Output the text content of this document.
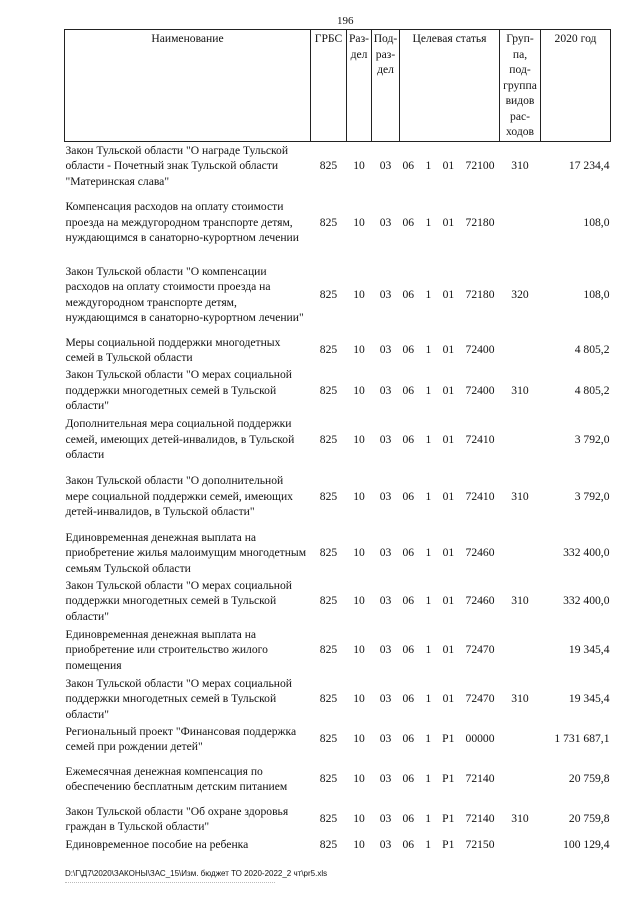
196
Наименование	ГРБС	Раз-дел	Под-раз-дел	Целевая статья	Груп-па, под-группа видов рас-ходов	2020 год
Закон Тульской области "О награде Тульской области - Почетный знак Тульской области "Материнская слава"	825	10	03	06 1 01 72100	310	17 234,4
Компенсация расходов на оплату стоимости проезда на междугородном транспорте детям, нуждающимся в санаторно-курортном лечении	825	10	03	06 1 01 72180		108,0
Закон Тульской области "О компенсации расходов на оплату стоимости проезда на междугородном транспорте детям, нуждающимся в санаторно-курортном лечении"	825	10	03	06 1 01 72180	320	108,0
Меры социальной поддержки многодетных семей в Тульской области	825	10	03	06 1 01 72400		4 805,2
Закон Тульской области "О мерах социальной поддержки многодетных семей в Тульской области"	825	10	03	06 1 01 72400	310	4 805,2
Дополнительная мера социальной поддержки семей, имеющих детей-инвалидов, в Тульской области	825	10	03	06 1 01 72410		3 792,0
Закон Тульской области "О дополнительной мере социальной поддержки семей, имеющих детей-инвалидов, в Тульской области"	825	10	03	06 1 01 72410	310	3 792,0
Единовременная денежная выплата на приобретение жилья малоимущим многодетным семьям Тульской области	825	10	03	06 1 01 72460		332 400,0
Закон Тульской области "О мерах социальной поддержки многодетных семей в Тульской области"	825	10	03	06 1 01 72460	310	332 400,0
Единовременная денежная выплата на приобретение или строительство жилого помещения	825	10	03	06 1 01 72470		19 345,4
Закон Тульской области "О мерах социальной поддержки многодетных семей в Тульской области"	825	10	03	06 1 01 72470	310	19 345,4
Региональный проект "Финансовая поддержка семей при рождении детей"	825	10	03	06 1 Р1 00000		1 731 687,1
Ежемесячная денежная компенсация по обеспечению бесплатным детским питанием	825	10	03	06 1 Р1 72140		20 759,8
Закон Тульской области "Об охране здоровья граждан в Тульской области"	825	10	03	06 1 Р1 72140	310	20 759,8
Единовременное пособие на ребенка	825	10	03	06 1 Р1 72150		100 129,4
D:\Г\Д7\2020\ЗАКОНЫ\ЗАС_15\Изм. бюджет ТО 2020-2022_2 чт\pr5.xls
